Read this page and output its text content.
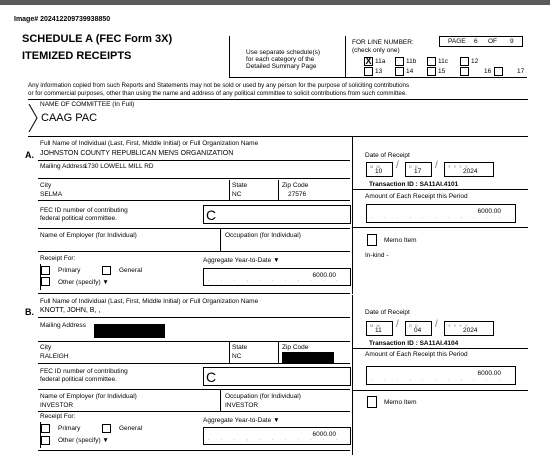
Image# 202412209739938850
SCHEDULE A (FEC Form 3X)
ITEMIZED RECEIPTS	Use separate schedule(s)
for each category of the
Detailed Summary Page
FOR LINE NUMBER:
(check only one)
PAGE 6 OF 9
X 11a	11b	11c	12
13	14	15	16	17
Any information copied from such Reports and Statements may not be sold or used by any person for the purpose of soliciting contributions
or for commercial purposes, other than using the name and address of any political committee to solicit contributions from such committee.
NAME OF COMMITTEE (In Full)
CAAG PAC
Full Name of Individual (Last, First, Middle Initial) or Full Organization Name
A. JOHNSTON COUNTY REPUBLICAN MENS ORGANIZATION
Mailing Address
1730 LOWELL MILL RD
City	State	Zip Code
SELMA	NC	27576
FEC ID number of contributing
federal political committee.	C
Name of Employer (for Individual)	Occupation (for Individual)
Receipt For:
Primary	General
Other (specify) ▼
Aggregate Year-to-Date ▼
. . . , . . . , . . .
6000.00
Date of Receipt
M M
10
/	D D
17
/	Y Y Y Y
2024
Transaction ID : SA11AI.4101
Amount of Each Receipt this Period
. . . , . . . , . . .
6000.00
Memo Item
In-kind -
Full Name of Individual (Last, First, Middle Initial) or Full Organization Name
B. KNOTT, JOHN, B, ,
Mailing Address
City	State	Zip Code
RALEIGH	NC
FEC ID number of contributing
federal political committee.	C
Name of Employer (for Individual)	Occupation (for Individual)
INVESTOR	INVESTOR
Receipt For:
Primary	General
Other (specify) ▼
Aggregate Year-to-Date ▼
. . . , . . . , . . .
6000.00
Date of Receipt
M M
11
/	D D
04
/	Y Y Y Y
2024
Transaction ID : SA11AI.4104
Amount of Each Receipt this Period
. . . , . . . , . . .
6000.00
Memo Item
